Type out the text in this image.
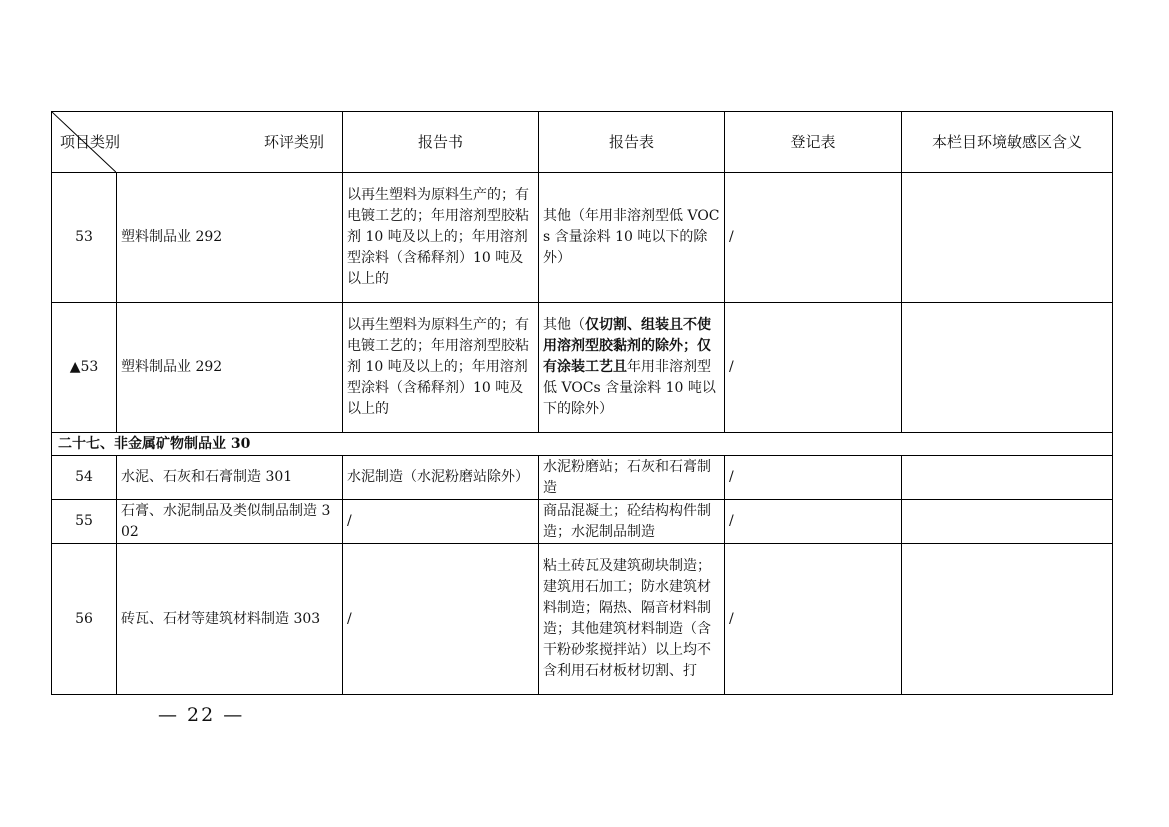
项目类别 环评类别		报告书	报告表	登记表	本栏目环境敏感区含义
53	塑料制品业 292	以再生塑料为原料生产的；有电镀工艺的；年用溶剂型胶粘剂 10 吨及以上的；年用溶剂型涂料（含稀释剂）10 吨及以上的	其他（年用非溶剂型低 VOCs 含量涂料 10 吨以下的除外）	/	
▲53	塑料制品业 292	以再生塑料为原料生产的；有电镀工艺的；年用溶剂型胶粘剂 10 吨及以上的；年用溶剂型涂料（含稀释剂）10 吨及以上的	其他（仅切割、组装且不使用溶剂型胶黏剂的除外；仅有涂装工艺且年用非溶剂型低 VOCs 含量涂料 10 吨以下的除外）	/	
二十七、非金属矿物制品业 30					
54	水泥、石灰和石膏制造 301	水泥制造（水泥粉磨站除外）	水泥粉磨站；石灰和石膏制造	/	
55	石膏、水泥制品及类似制品制造 302	/	商品混凝土；砼结构构件制造；水泥制品制造	/	
56	砖瓦、石材等建筑材料制造 303	/	粘土砖瓦及建筑砌块制造；建筑用石加工；防水建筑材料制造；隔热、隔音材料制造；其他建筑材料制造（含干粉砂浆搅拌站）以上均不含利用石材板材切割、打	/	
— 22 —
